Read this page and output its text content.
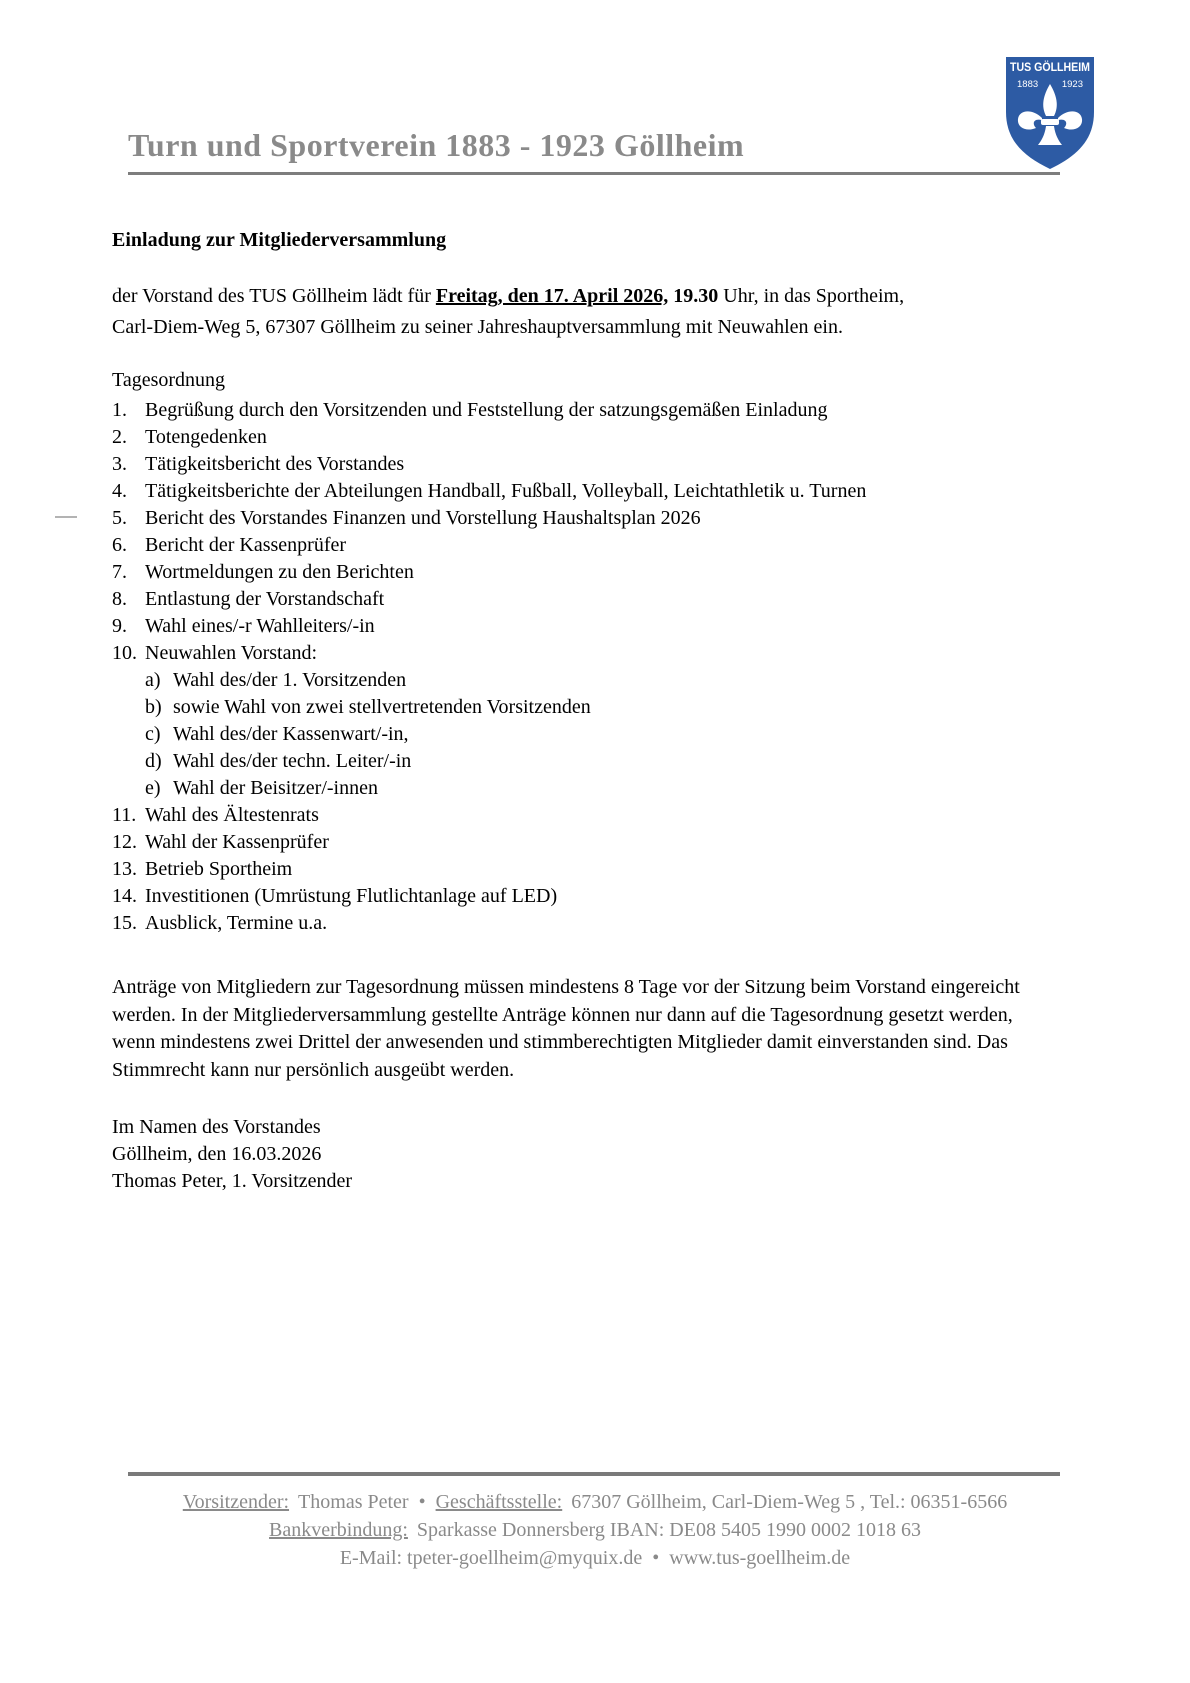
Turn und Sportverein 1883 - 1923 Göllheim
TUS GÖLLHEIM
1883 1923
Einladung zur Mitgliederversammlung
der Vorstand des TUS Göllheim lädt für Freitag, den 17. April 2026, 19.30 Uhr, in das Sportheim,
Carl-Diem-Weg 5, 67307 Göllheim zu seiner Jahreshauptversammlung mit Neuwahlen ein.
Tagesordnung
1. Begrüßung durch den Vorsitzenden und Feststellung der satzungsgemäßen Einladung
2. Totengedenken
3. Tätigkeitsbericht des Vorstandes
4. Tätigkeitsberichte der Abteilungen Handball, Fußball, Volleyball, Leichtathletik u. Turnen
5. Bericht des Vorstandes Finanzen und Vorstellung Haushaltsplan 2026
6. Bericht der Kassenprüfer
7. Wortmeldungen zu den Berichten
8. Entlastung der Vorstandschaft
9. Wahl eines/-r Wahlleiters/-in
10. Neuwahlen Vorstand:
a) Wahl des/der 1. Vorsitzenden
b) sowie Wahl von zwei stellvertretenden Vorsitzenden
c) Wahl des/der Kassenwart/-in,
d) Wahl des/der techn. Leiter/-in
e) Wahl der Beisitzer/-innen
11. Wahl des Ältestenrats
12. Wahl der Kassenprüfer
13. Betrieb Sportheim
14. Investitionen (Umrüstung Flutlichtanlage auf LED)
15. Ausblick, Termine u.a.
Anträge von Mitgliedern zur Tagesordnung müssen mindestens 8 Tage vor der Sitzung beim Vorstand eingereicht werden. In der Mitgliederversammlung gestellte Anträge können nur dann auf die Tagesordnung gesetzt werden, wenn mindestens zwei Drittel der anwesenden und stimmberechtigten Mitglieder damit einverstanden sind. Das Stimmrecht kann nur persönlich ausgeübt werden.
Im Namen des Vorstandes
Göllheim, den 16.03.2026
Thomas Peter, 1. Vorsitzender
Vorsitzender: Thomas Peter • Geschäftsstelle: 67307 Göllheim, Carl-Diem-Weg 5 , Tel.: 06351-6566
Bankverbindung: Sparkasse Donnersberg IBAN: DE08 5405 1990 0002 1018 63
E-Mail: tpeter-goellheim@myquix.de • www.tus-goellheim.de
